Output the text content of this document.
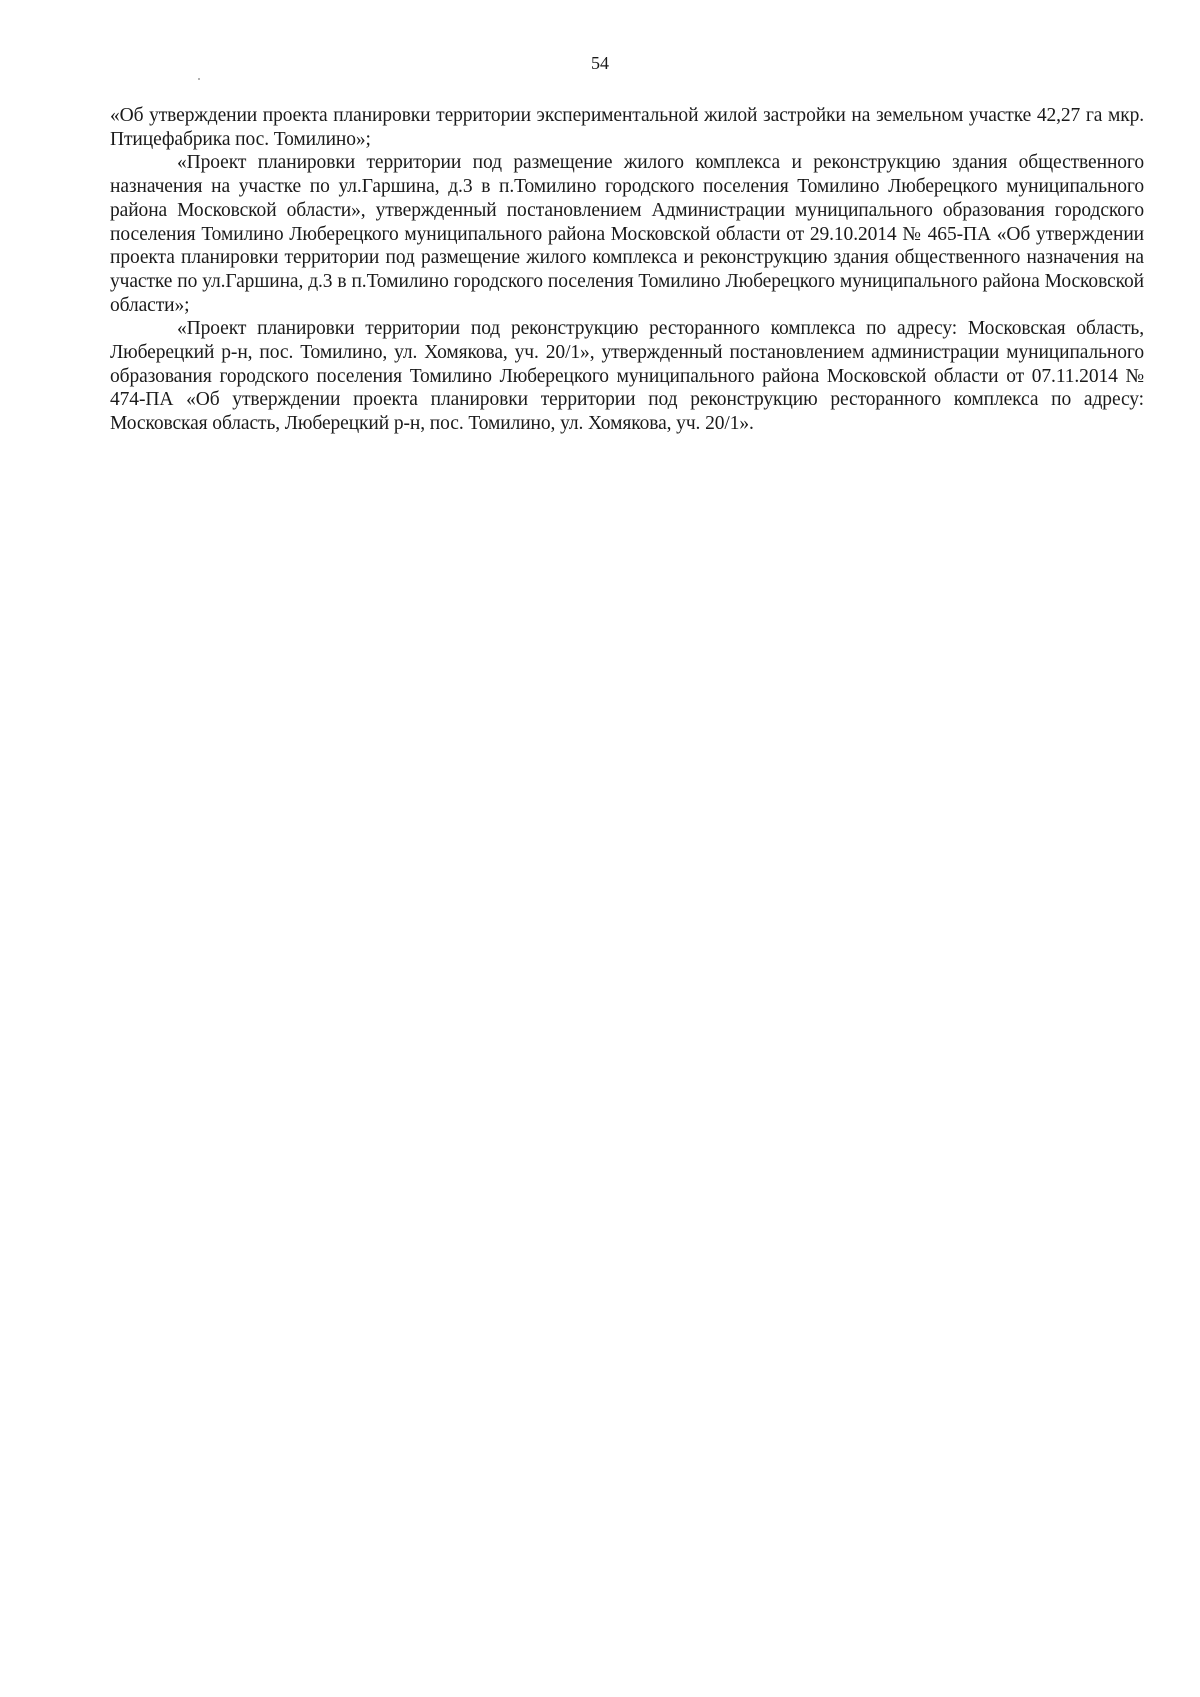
54

«Об утверждении проекта планировки территории экспериментальной жилой застройки на земельном участке 42,27 га мкр. Птицефабрика пос. Томилино»;

«Проект планировки территории под размещение жилого комплекса и реконструкцию здания общественного назначения на участке по ул.Гаршина, д.3 в п.Томилино городского поселения Томилино Люберецкого муниципального района Московской области», утвержденный постановлением Администрации муниципального образования городского поселения Томилино Люберецкого муниципального района Московской области от 29.10.2014 № 465-ПА «Об утверждении проекта планировки территории под размещение жилого комплекса и реконструкцию здания общественного назначения на участке по ул.Гаршина, д.3 в п.Томилино городского поселения Томилино Люберецкого муниципального района Московской области»;

«Проект планировки территории под реконструкцию ресторанного комплекса по адресу: Московская область, Люберецкий р-н, пос. Томилино, ул. Хомякова, уч. 20/1», утвержденный постановлением администрации муниципального образования городского поселения Томилино Люберецкого муниципального района Московской области от 07.11.2014 № 474-ПА «Об утверждении проекта планировки территории под реконструкцию ресторанного комплекса по адресу: Московская область, Люберецкий р-н, пос. Томилино, ул. Хомякова, уч. 20/1».
